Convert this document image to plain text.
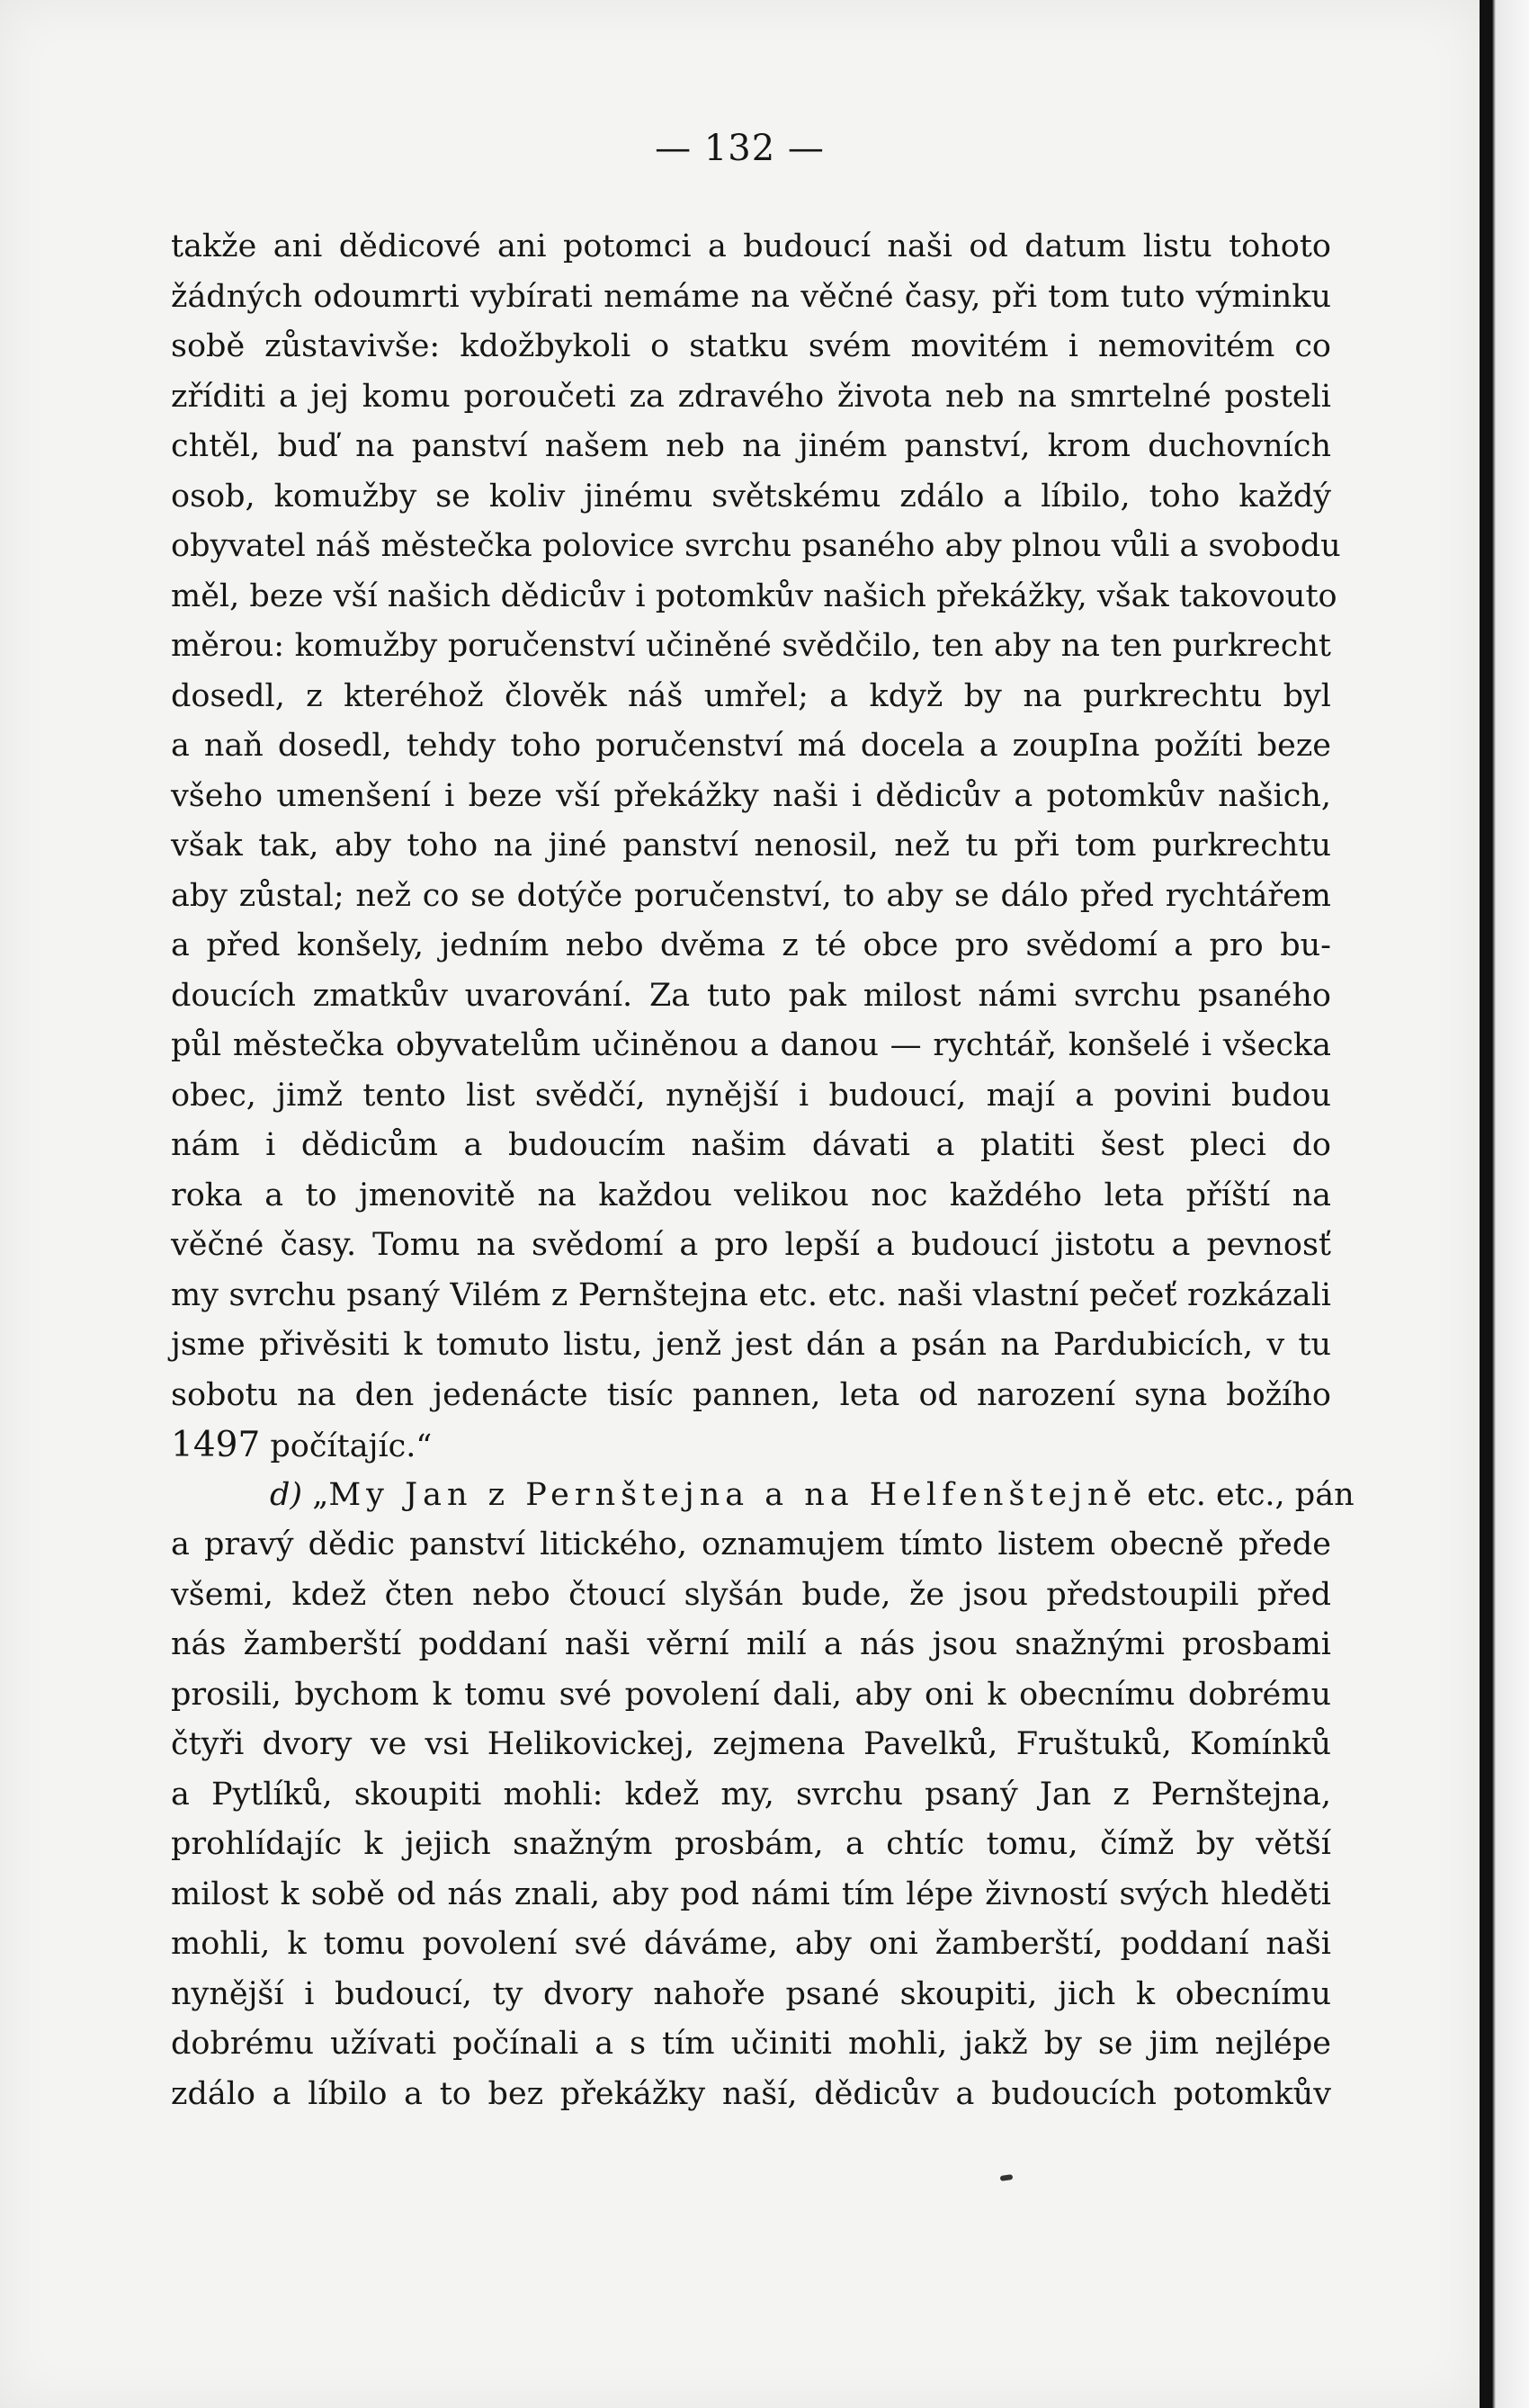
— 132 —
takže ani dědicové ani potomci a budoucí naši od datum listu tohoto
žádných odoumrti vybírati nemáme na věčné časy, při tom tuto výminku
sobě zůstavivše: kdožbykoli o statku svém movitém i nemovitém co
zříditi a jej komu poroučeti za zdravého života neb na smrtelné posteli
chtěl, buď na panství našem neb na jiném panství, krom duchovních
osob, komužby se koliv jinému světskému zdálo a líbilo, toho každý
obyvatel náš městečka polovice svrchu psaného aby plnou vůli a svobodu
měl, beze vší našich dědicův i potomkův našich překážky, však takovouto
měrou: komužby poručenství učiněné svědčilo, ten aby na ten purkrecht
dosedl, z kteréhož člověk náš umřel; a když by na purkrechtu byl
a naň dosedl, tehdy toho poručenství má docela a zoupIna požíti beze
všeho umenšení i beze vší překážky naši i dědicův a potomkův našich,
však tak, aby toho na jiné panství nenosil, než tu při tom purkrechtu
aby zůstal; než co se dotýče poručenství, to aby se dálo před rychtářem
a před konšely, jedním nebo dvěma z té obce pro svědomí a pro bu-
doucích zmatkův uvarování. Za tuto pak milost námi svrchu psaného
půl městečka obyvatelům učiněnou a danou — rychtář, konšelé i všecka
obec, jimž tento list svědčí, nynější i budoucí, mají a povini budou
nám i dědicům a budoucím našim dávati a platiti šest pleci do
roka a to jmenovitě na každou velikou noc každého leta příští na
věčné časy. Tomu na svědomí a pro lepší a budoucí jistotu a pevnosť
my svrchu psaný Vilém z Pernštejna etc. etc. naši vlastní pečeť rozkázali
jsme přivěsiti k tomuto listu, jenž jest dán a psán na Pardubicích, v tu
sobotu na den jedenácte tisíc pannen, leta od narození syna božího
1497 počítajíc.“
d) „My Jan z Pernštejna a na Helfenštejně etc. etc., pán
a pravý dědic panství litického, oznamujem tímto listem obecně přede
všemi, kdež čten nebo čtoucí slyšán bude, že jsou předstoupili před
nás žamberští poddaní naši věrní milí a nás jsou snažnými prosbami
prosili, bychom k tomu své povolení dali, aby oni k obecnímu dobrému
čtyři dvory ve vsi Helikovickej, zejmena Pavelků, Fruštuků, Komínků
a Pytlíků, skoupiti mohli: kdež my, svrchu psaný Jan z Pernštejna,
prohlídajíc k jejich snažným prosbám, a chtíc tomu, čímž by větší
milost k sobě od nás znali, aby pod námi tím lépe živností svých hleděti
mohli, k tomu povolení své dáváme, aby oni žamberští, poddaní naši
nynější i budoucí, ty dvory nahoře psané skoupiti, jich k obecnímu
dobrému užívati počínali a s tím učiniti mohli, jakž by se jim nejlépe
zdálo a líbilo a to bez překážky naší, dědicův a budoucích potomkův
